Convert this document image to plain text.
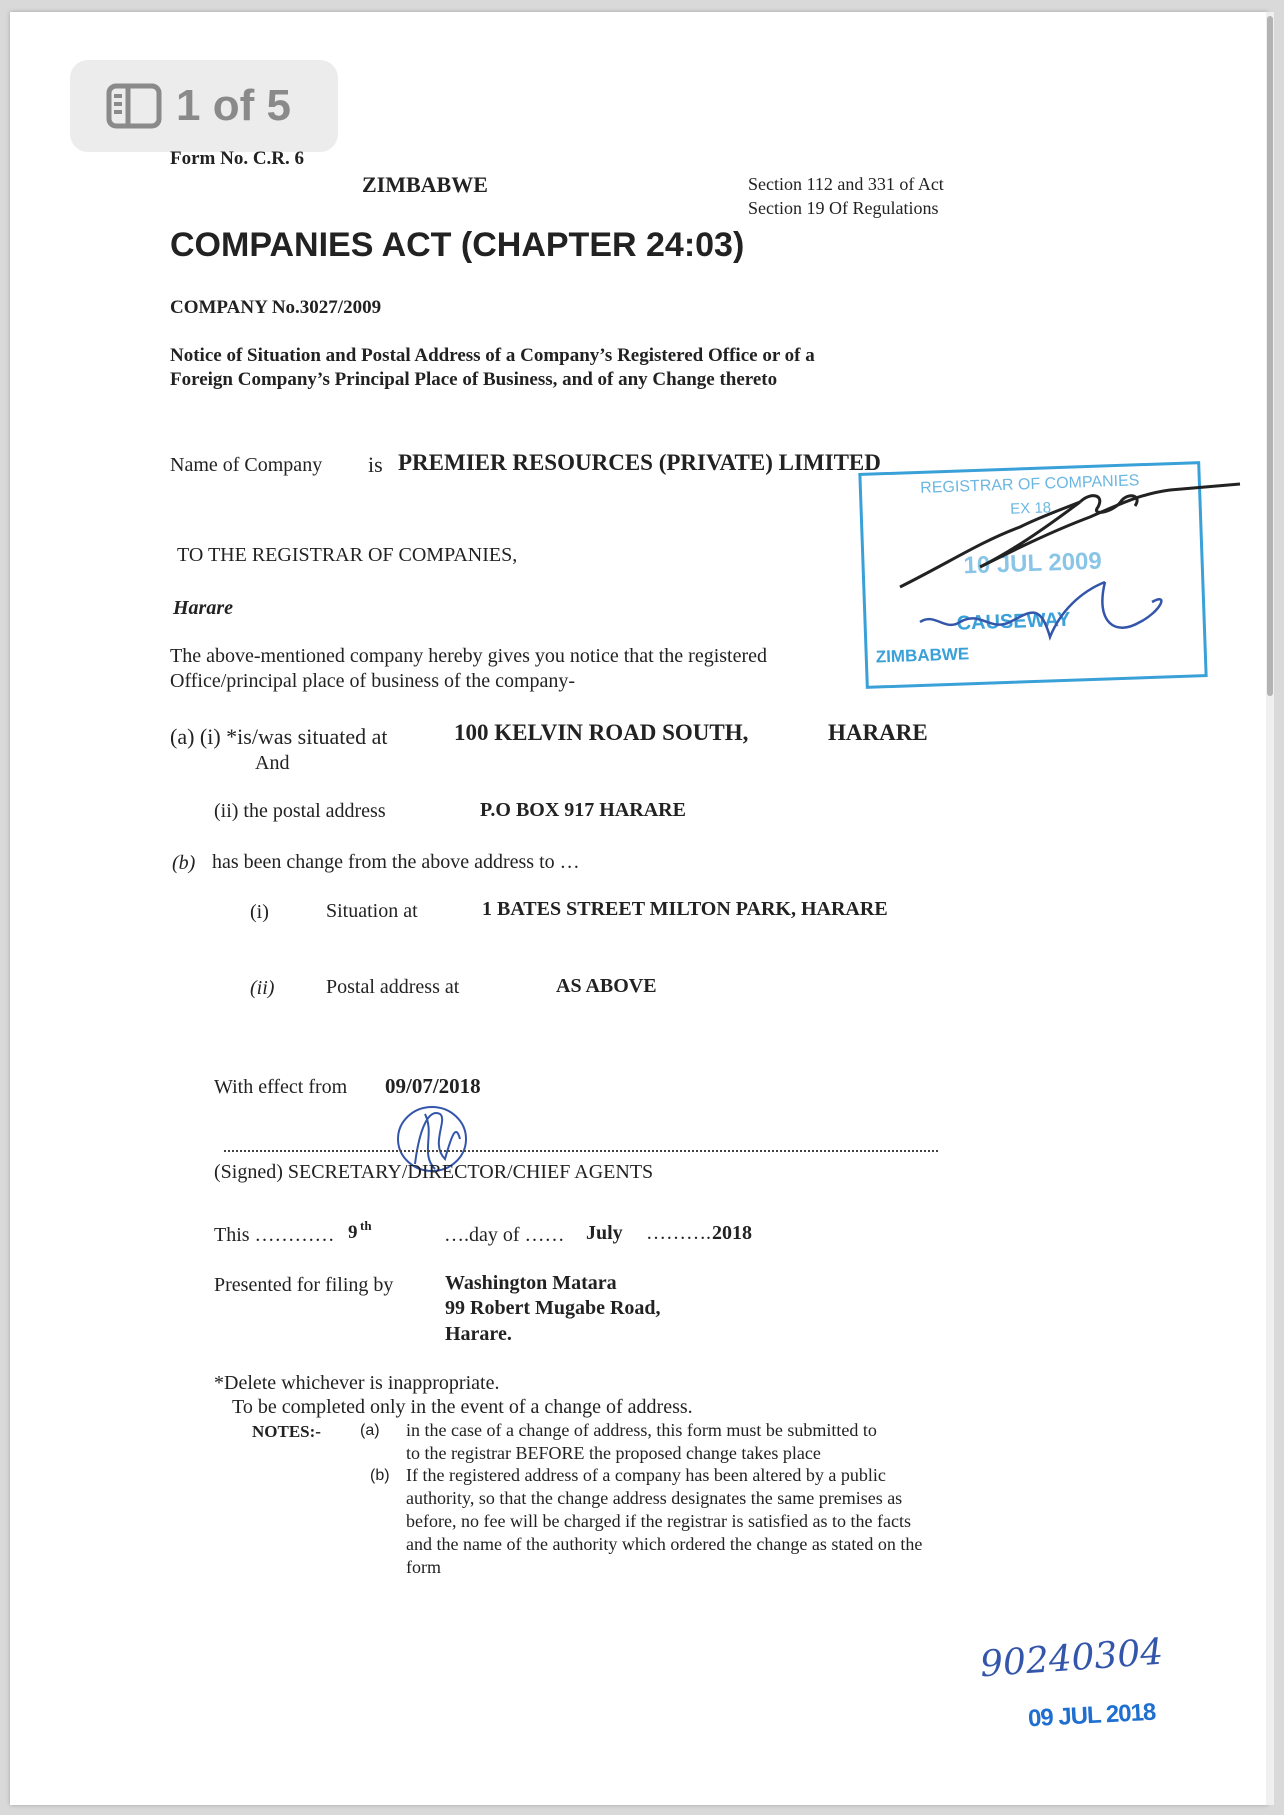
1 of 5
Form No. C.R. 6
ZIMBABWE	Section 112 and 331 of Act
Section 19 Of Regulations
COMPANIES ACT (CHAPTER 24:03)
COMPANY No.3027/2009
Notice of Situation and Postal Address of a Company’s Registered Office or of a
Foreign Company’s Principal Place of Business, and of any Change thereto
Name of Company is PREMIER RESOURCES (PRIVATE) LIMITED
REGISTRAR OF COMPANIES
EX 18
10 JUL 2009
CAUSEWAY
ZIMBABWE
TO THE REGISTRAR OF COMPANIES,
Harare
The above-mentioned company hereby gives you notice that the registered
Office/principal place of business of the company-
(a) (i) *is/was situated at	100 KELVIN ROAD SOUTH,	HARARE
And
(ii) the postal address	P.O BOX 917 HARARE
(b) has been change from the above address to …
(i)	Situation at	1 BATES STREET MILTON PARK, HARARE
(ii)	Postal address at	AS ABOVE
With effect from 09/07/2018
(Signed) SECRETARY/DIRECTOR/CHIEF AGENTS
This ………… 9 th	….day of …… July ………. 2018
Presented for filing by	Washington Matara
99 Robert Mugabe Road,
Harare.
*Delete whichever is inappropriate.
To be completed only in the event of a change of address.
NOTES:- (a) in the case of a change of address, this form must be submitted to
to the registrar BEFORE the proposed change takes place
(b) If the registered address of a company has been altered by a public
authority, so that the change address designates the same premises as
before, no fee will be charged if the registrar is satisfied as to the facts
and the name of the authority which ordered the change as stated on the
form
90240304
09 JUL 2018
